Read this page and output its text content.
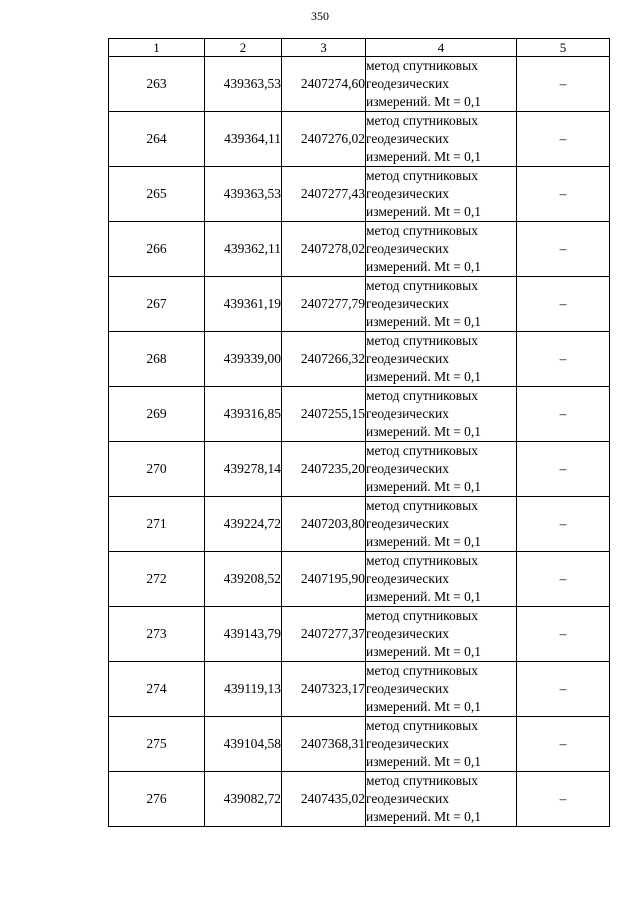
350
1	2	3	4	5
263	439363,53	2407274,60	метод спутниковых
геодезических
измерений. Mt = 0,1	–
264	439364,11	2407276,02	метод спутниковых
геодезических
измерений. Mt = 0,1	–
265	439363,53	2407277,43	метод спутниковых
геодезических
измерений. Mt = 0,1	–
266	439362,11	2407278,02	метод спутниковых
геодезических
измерений. Mt = 0,1	–
267	439361,19	2407277,79	метод спутниковых
геодезических
измерений. Mt = 0,1	–
268	439339,00	2407266,32	метод спутниковых
геодезических
измерений. Mt = 0,1	–
269	439316,85	2407255,15	метод спутниковых
геодезических
измерений. Mt = 0,1	–
270	439278,14	2407235,20	метод спутниковых
геодезических
измерений. Mt = 0,1	–
271	439224,72	2407203,80	метод спутниковых
геодезических
измерений. Mt = 0,1	–
272	439208,52	2407195,90	метод спутниковых
геодезических
измерений. Mt = 0,1	–
273	439143,79	2407277,37	метод спутниковых
геодезических
измерений. Mt = 0,1	–
274	439119,13	2407323,17	метод спутниковых
геодезических
измерений. Mt = 0,1	–
275	439104,58	2407368,31	метод спутниковых
геодезических
измерений. Mt = 0,1	–
276	439082,72	2407435,02	метод спутниковых
геодезических
измерений. Mt = 0,1	–
